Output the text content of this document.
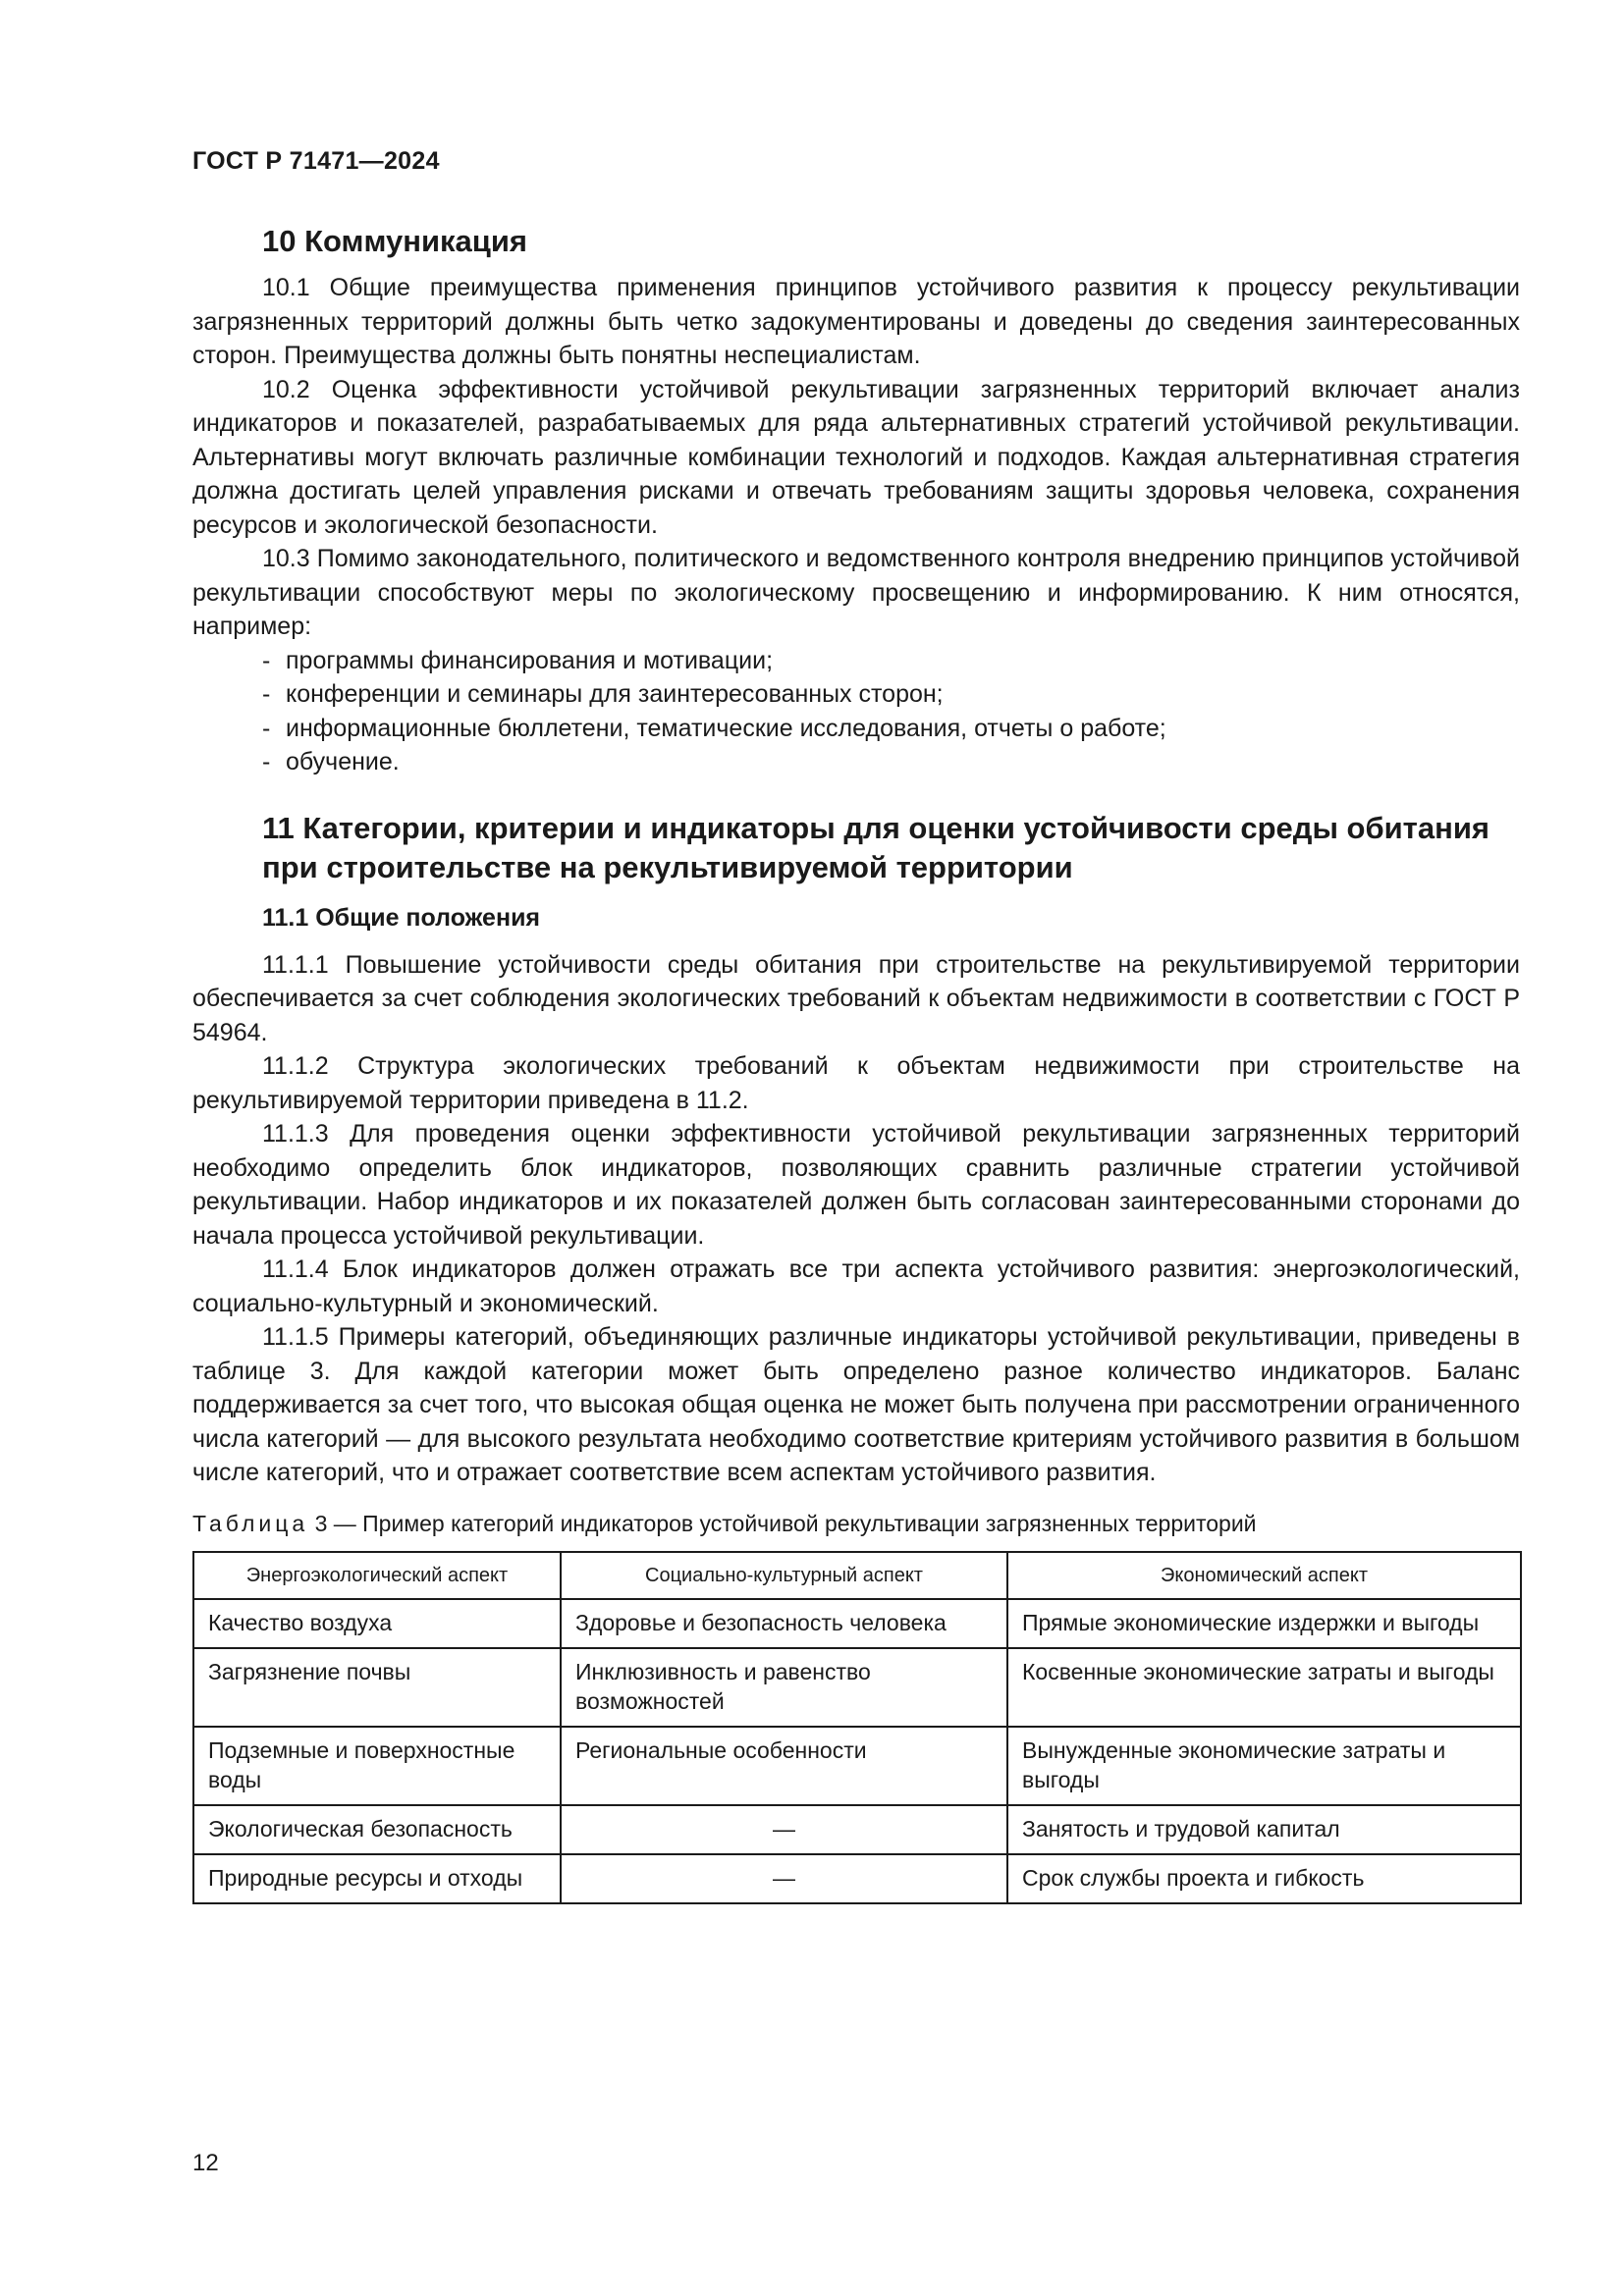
ГОСТ Р 71471—2024
10 Коммуникация

10.1 Общие преимущества применения принципов устойчивого развития к процессу рекультивации загрязненных территорий должны быть четко задокументированы и доведены до сведения заинтересованных сторон. Преимущества должны быть понятны неспециалистам.

10.2 Оценка эффективности устойчивой рекультивации загрязненных территорий включает анализ индикаторов и показателей, разрабатываемых для ряда альтернативных стратегий устойчивой рекультивации. Альтернативы могут включать различные комбинации технологий и подходов. Каждая альтернативная стратегия должна достигать целей управления рисками и отвечать требованиям защиты здоровья человека, сохранения ресурсов и экологической безопасности.

10.3 Помимо законодательного, политического и ведомственного контроля внедрению принципов устойчивой рекультивации способствуют меры по экологическому просвещению и информированию. К ним относятся, например:

- программы финансирования и мотивации;
- конференции и семинары для заинтересованных сторон;
- информационные бюллетени, тематические исследования, отчеты о работе;
- обучение.
11 Категории, критерии и индикаторы для оценки устойчивости среды обитания при строительстве на рекультивируемой территории
11.1 Общие положения

11.1.1 Повышение устойчивости среды обитания при строительстве на рекультивируемой территории обеспечивается за счет соблюдения экологических требований к объектам недвижимости в соответствии с ГОСТ Р 54964.

11.1.2 Структура экологических требований к объектам недвижимости при строительстве на рекультивируемой территории приведена в 11.2.

11.1.3 Для проведения оценки эффективности устойчивой рекультивации загрязненных территорий необходимо определить блок индикаторов, позволяющих сравнить различные стратегии устойчивой рекультивации. Набор индикаторов и их показателей должен быть согласован заинтересованными сторонами до начала процесса устойчивой рекультивации.

11.1.4 Блок индикаторов должен отражать все три аспекта устойчивого развития: энергоэкологический, социально-культурный и экономический.

11.1.5 Примеры категорий, объединяющих различные индикаторы устойчивой рекультивации, приведены в таблице 3. Для каждой категории может быть определено разное количество индикаторов. Баланс поддерживается за счет того, что высокая общая оценка не может быть получена при рассмотрении ограниченного числа категорий — для высокого результата необходимо соответствие критериям устойчивого развития в большом числе категорий, что и отражает соответствие всем аспектам устойчивого развития.

Таблица 3 — Пример категорий индикаторов устойчивой рекультивации загрязненных территорий
Энергоэкологический аспект	Социально-культурный аспект	Экономический аспект
Качество воздуха	Здоровье и безопасность человека	Прямые экономические издержки и выгоды
Загрязнение почвы	Инклюзивность и равенство возможностей	Косвенные экономические затраты и выгоды
Подземные и поверхностные воды	Региональные особенности	Вынужденные экономические затраты и выгоды
Экологическая безопасность	—	Занятость и трудовой капитал
Природные ресурсы и отходы	—	Срок службы проекта и гибкость
12
